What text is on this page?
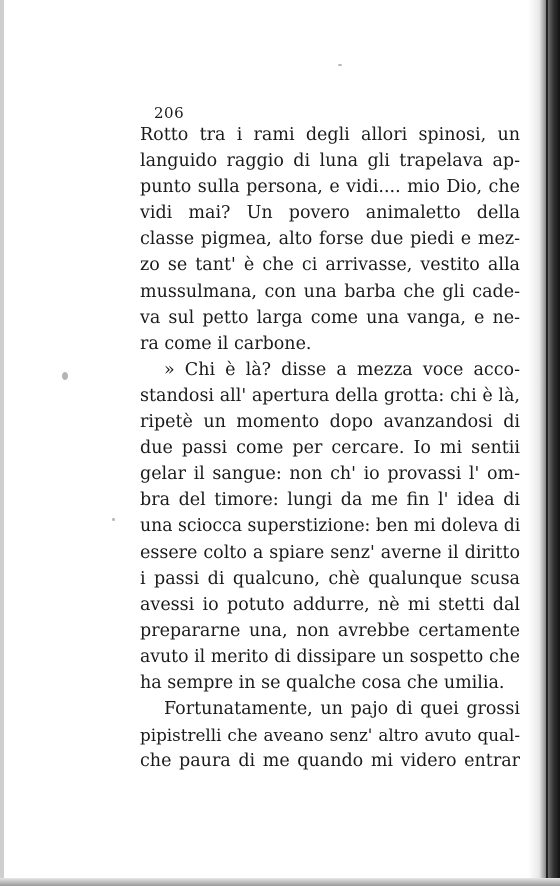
206
Rotto tra i rami degli allori spinosi, un
languido raggio di luna gli trapelava ap-
punto sulla persona, e vidi.... mio Dio, che
vidi mai? Un povero animaletto della
classe pigmea, alto forse due piedi e mez-
zo se tant' è che ci arrivasse, vestito alla
mussulmana, con una barba che gli cade-
va sul petto larga come una vanga, e ne-
ra come il carbone.
» Chi è là? disse a mezza voce acco-
standosi all' apertura della grotta: chi è là,
ripetè un momento dopo avanzandosi di
due passi come per cercare. Io mi sentii
gelar il sangue: non ch' io provassi l' om-
bra del timore: lungi da me fin l' idea di
una sciocca superstizione: ben mi doleva di
essere colto a spiare senz' averne il diritto
i passi di qualcuno, chè qualunque scusa
avessi io potuto addurre, nè mi stetti dal
prepararne una, non avrebbe certamente
avuto il merito di dissipare un sospetto che
ha sempre in se qualche cosa che umilia.
Fortunatamente, un pajo di quei grossi
pipistrelli che aveano senz' altro avuto qual-
che paura di me quando mi videro entrar
